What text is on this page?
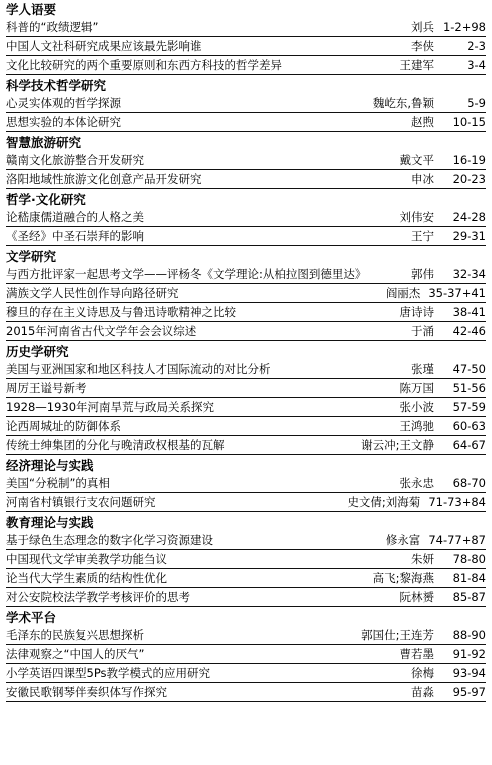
学人语要
科普的“政绩逻辑”	刘兵 1-2+98
中国人文社科研究成果应该最先影响谁	李侠	2-3
文化比较研究的两个重要原则和东西方科技的哲学差异	王建军	3-4
科学技术哲学研究
心灵实体观的哲学探源	魏屹东,鲁颖	5-9
思想实验的本体论研究	赵煦	10-15
智慧旅游研究
赣南文化旅游整合开发研究	戴文平	16-19
洛阳地域性旅游文化创意产品开发研究	申冰	20-23
哲学·文化研究
论嵇康儒道融合的人格之美	刘伟安	24-28
《圣经》中圣石崇拜的影响	王宁	29-31
文学研究
与西方批评家一起思考文学——评杨冬《文学理论:从柏拉图到德里达》	郭伟	32-34
满族文学人民性创作导向路径研究	阎丽杰 35-37+41
穆旦的存在主义诗思及与鲁迅诗歌精神之比较	唐诗诗	38-41
2015年河南省古代文学年会会议综述	于涌	42-46
历史学研究
美国与亚洲国家和地区科技人才国际流动的对比分析	张瑾	47-50
周厉王谥号新考	陈万国	51-56
1928—1930年河南旱荒与政局关系探究	张小波	57-59
论西周城址的防御体系	王鸿驰	60-63
传统士绅集团的分化与晚清政权根基的瓦解	谢云冲;王文静	64-67
经济理论与实践
美国“分税制”的真相	张永忠	68-70
河南省村镇银行支农问题研究	史文倩;刘海菊 71-73+84
教育理论与实践
基于绿色生态理念的数字化学习资源建设	修永富 74-77+87
中国现代文学审美教学功能刍议	朱妍	78-80
论当代大学生素质的结构性优化	高飞;黎海燕	81-84
对公安院校法学教学考核评价的思考	阮林赟	85-87
学术平台
毛泽东的民族复兴思想探析	郭国仕;王连芳	88-90
法律观察之“中国人的厌气”	曹若墨	91-92
小学英语四课型5Ps教学模式的应用研究	徐梅	93-94
安徽民歌钢琴伴奏织体写作探究	苗淼	95-97
